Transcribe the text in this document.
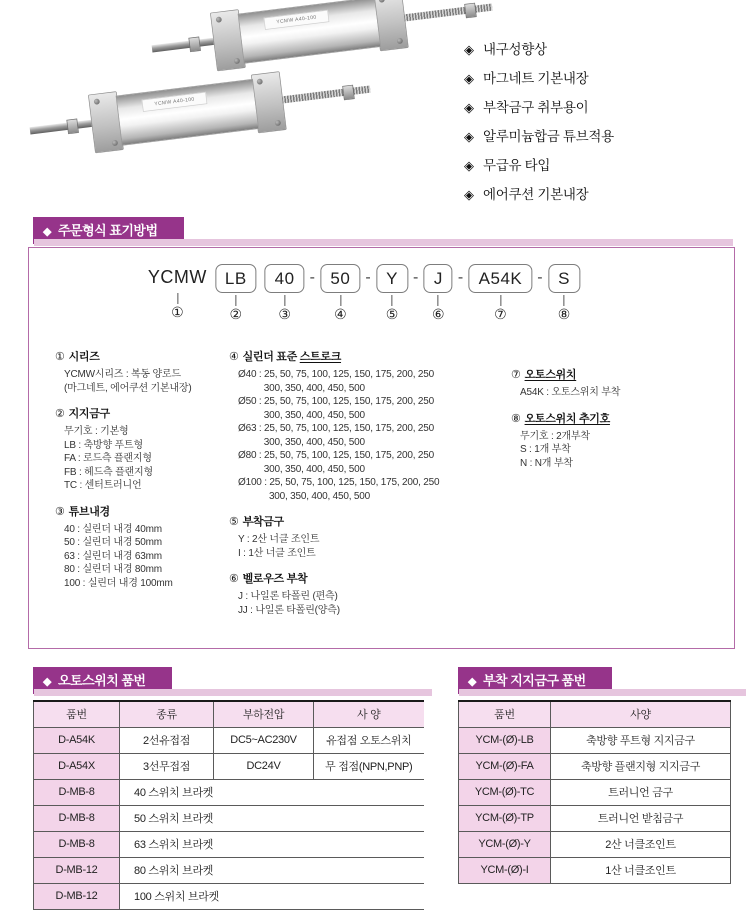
YCMW A40-100
YCMW A40-100
◈ 내구성향상
◈ 마그네트 기본내장
◈ 부착금구 취부용이
◈ 알루미늄합금 튜브적용
◈ 무급유 타입
◈ 에어쿠션 기본내장
◆ 주문형식 표기방법
YCMW
①
LB
②
40
③
- 50
④
- Y
⑤
- J
⑥
- A54K
⑦
- S
⑧
① 시리즈
YCMW시리즈 : 복동 양로드
(마그네트, 에어쿠션 기본내장)
② 지지금구
무기호 : 기본형
LB : 축방향 푸트형
FA : 로드측 플랜지형
FB : 헤드측 플랜지형
TC : 센터트러니언
③ 튜브내경
40 : 실린더 내경 40mm
50 : 실린더 내경 50mm
63 : 실린더 내경 63mm
80 : 실린더 내경 80mm
100 : 실린더 내경 100mm
④ 실린더 표준 스트로크
Ø40 : 25, 50, 75, 100, 125, 150, 175, 200, 250
300, 350, 400, 450, 500
Ø50 : 25, 50, 75, 100, 125, 150, 175, 200, 250
300, 350, 400, 450, 500
Ø63 : 25, 50, 75, 100, 125, 150, 175, 200, 250
300, 350, 400, 450, 500
Ø80 : 25, 50, 75, 100, 125, 150, 175, 200, 250
300, 350, 400, 450, 500
Ø100 : 25, 50, 75, 100, 125, 150, 175, 200, 250
300, 350, 400, 450, 500
⑤ 부착금구
Y : 2산 너클 조인트
I : 1산 너클 조인트
⑥ 벨로우즈 부착
J : 나일론 타폴린 (편측)
JJ : 나일론 타폴린(양측)
⑦ 오토스위치
A54K : 오토스위치 부착
⑧ 오토스위치 추기호
무기호 : 2개부착
S : 1개 부착
N : N개 부착
◆ 오토스위치 품번
품번	종류	부하전압	사 양
D-A54K	2선유접점	DC5~AC230V	유접점 오토스위치
D-A54X	3선무접점	DC24V	무 접점(NPN,PNP)
D-MB-8	40 스위치 브라켓		
D-MB-8	50 스위치 브라켓		
D-MB-8	63 스위치 브라켓		
D-MB-12	80 스위치 브라켓		
D-MB-12	100 스위치 브라켓		
◆ 부착 지지금구 품번
품번	사양
YCM-(Ø)-LB	축방향 푸트형 지지금구
YCM-(Ø)-FA	축방향 플랜지형 지지금구
YCM-(Ø)-TC	트러니언 금구
YCM-(Ø)-TP	트러니언 받침금구
YCM-(Ø)-Y	2산 너클조인트
YCM-(Ø)-I	1산 너클조인트
